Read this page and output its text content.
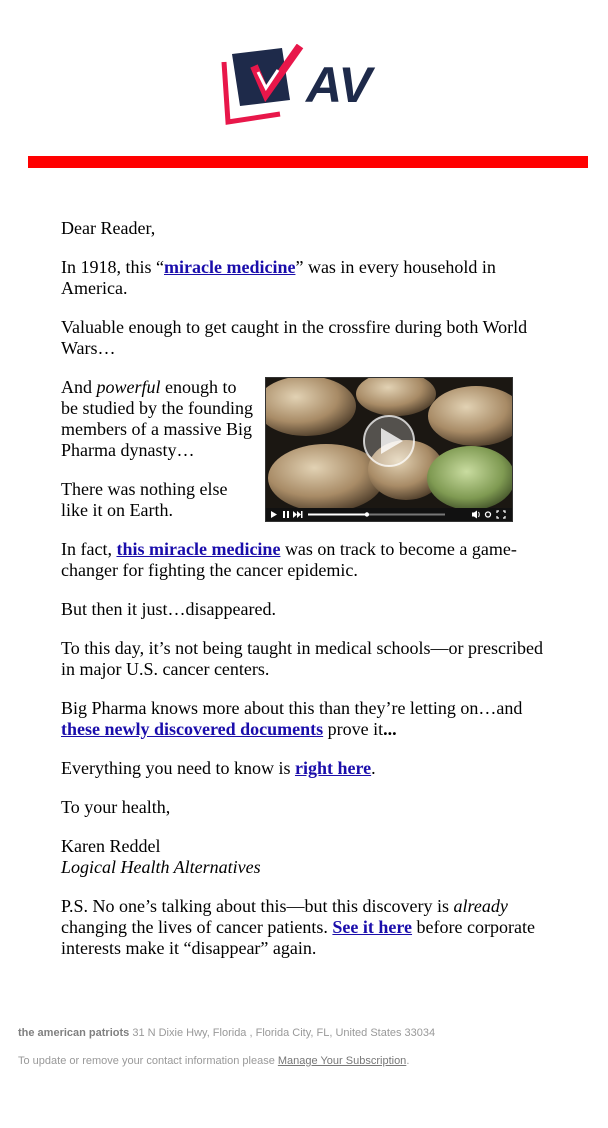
AV

Dear Reader,

In 1918, this “miracle medicine” was in every household in America.

Valuable enough to get caught in the crossfire during both World Wars…

And powerful enough to be studied by the founding members of a massive Big Pharma dynasty…

There was nothing else like it on Earth.

In fact, this miracle medicine was on track to become a game-changer for fighting the cancer epidemic.

But then it just…disappeared.

To this day, it’s not being taught in medical schools—or prescribed in major U.S. cancer centers.

Big Pharma knows more about this than they’re letting on…and these newly discovered documents prove it...

Everything you need to know is right here.

To your health,

Karen Reddel
Logical Health Alternatives

P.S. No one’s talking about this—but this discovery is already changing the lives of cancer patients. See it here before corporate interests make it “disappear” again.

the american patriots 31 N Dixie Hwy, Florida , Florida City, FL, United States 33034
To update or remove your contact information please Manage Your Subscription.
